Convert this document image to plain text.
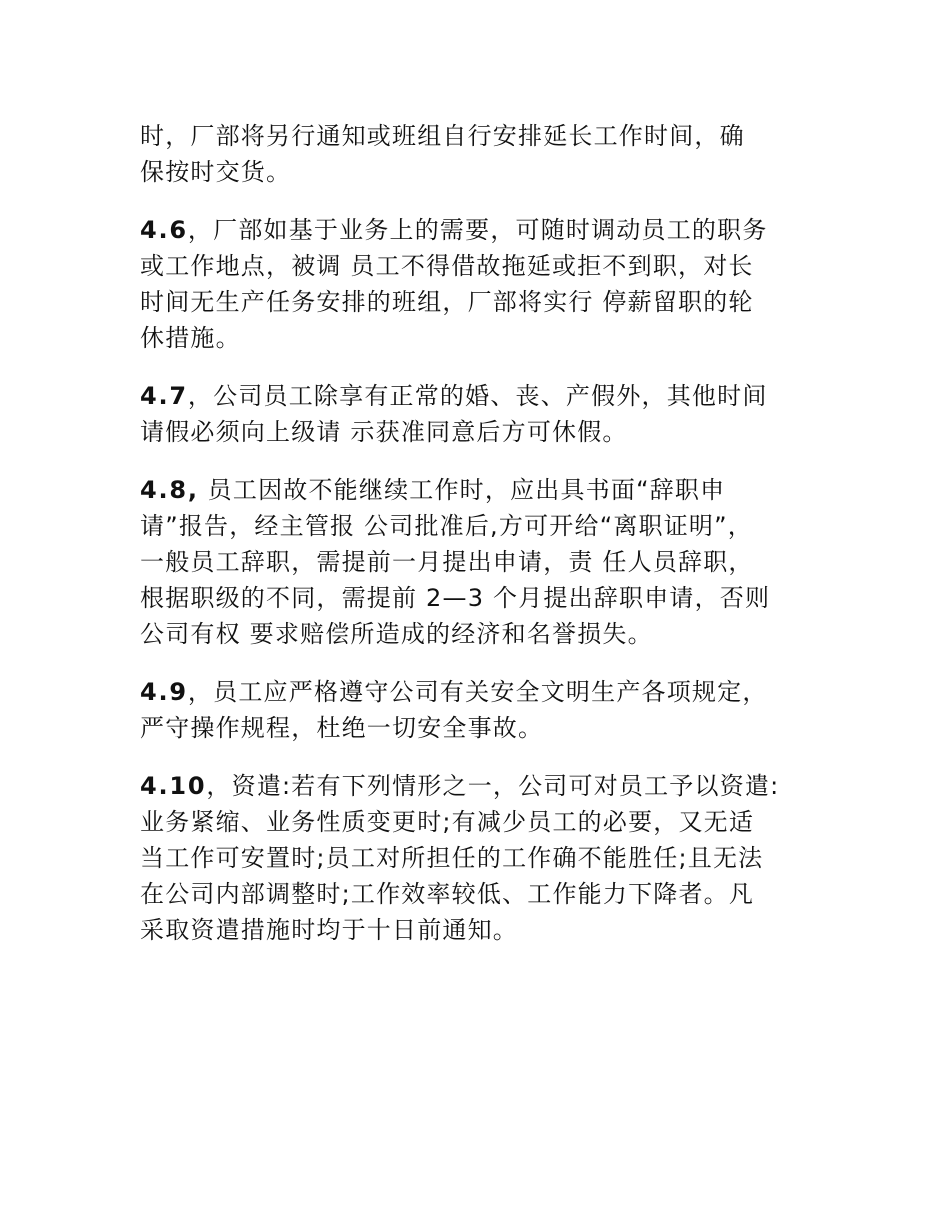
时，厂部将另行通知或班组自行安排延长工作时间，确
保按时交货。

4.6，厂部如基于业务上的需要，可随时调动员工的职务
或工作地点，被调 员工不得借故拖延或拒不到职，对长
时间无生产任务安排的班组，厂部将实行 停薪留职的轮
休措施。

4.7，公司员工除享有正常的婚、丧、产假外，其他时间
请假必须向上级请 示获准同意后方可休假。

4.8, 员工因故不能继续工作时，应出具书面“辞职申
请”报告，经主管报 公司批准后,方可开给“离职证明”，
一般员工辞职，需提前一月提出申请，责 任人员辞职，
根据职级的不同，需提前 2—3 个月提出辞职申请，否则
公司有权 要求赔偿所造成的经济和名誉损失。

4.9，员工应严格遵守公司有关安全文明生产各项规定，
严守操作规程，杜绝一切安全事故。

4.10，资遣:若有下列情形之一，公司可对员工予以资遣:
业务紧缩、业务性质变更时;有减少员工的必要，又无适
当工作可安置时;员工对所担任的工作确不能胜任;且无法
在公司内部调整时;工作效率较低、工作能力下降者。凡
采取资遣措施时均于十日前通知。
